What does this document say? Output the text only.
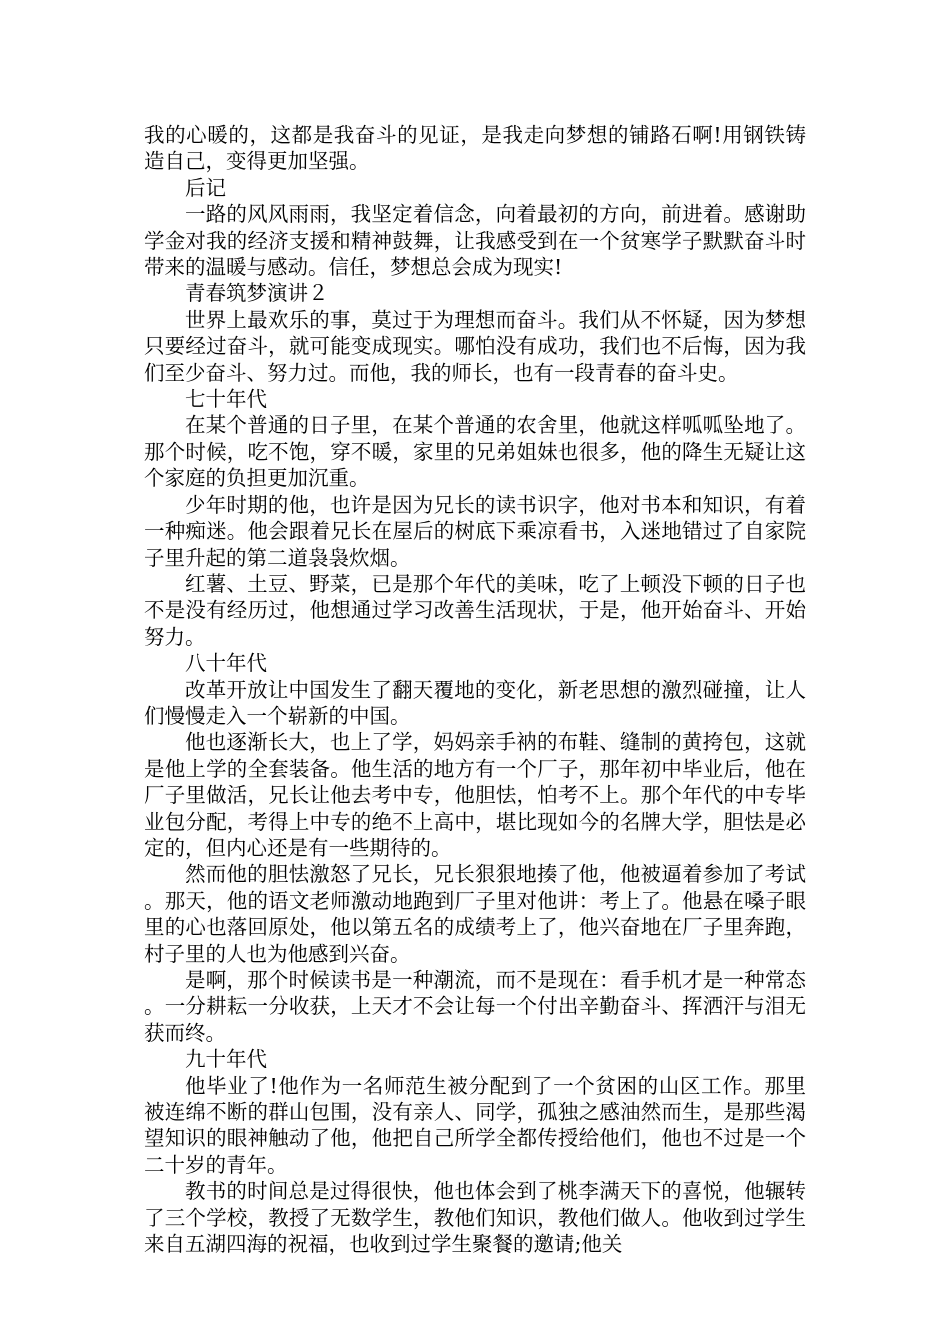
我的心暖的，这都是我奋斗的见证，是我走向梦想的铺路石啊!用钢铁铸造自己，变得更加坚强。

后记

一路的风风雨雨，我坚定着信念，向着最初的方向，前进着。感谢助学金对我的经济支援和精神鼓舞，让我感受到在一个贫寒学子默默奋斗时带来的温暖与感动。信任，梦想总会成为现实!

青春筑梦演讲２

世界上最欢乐的事，莫过于为理想而奋斗。我们从不怀疑，因为梦想只要经过奋斗，就可能变成现实。哪怕没有成功，我们也不后悔，因为我们至少奋斗、努力过。而他，我的师长，也有一段青春的奋斗史。

七十年代

在某个普通的日子里，在某个普通的农舍里，他就这样呱呱坠地了。那个时候，吃不饱，穿不暖，家里的兄弟姐妹也很多，他的降生无疑让这个家庭的负担更加沉重。

少年时期的他，也许是因为兄长的读书识字，他对书本和知识，有着一种痴迷。他会跟着兄长在屋后的树底下乘凉看书，入迷地错过了自家院子里升起的第二道袅袅炊烟。

红薯、土豆、野菜，已是那个年代的美味，吃了上顿没下顿的日子也不是没有经历过，他想通过学习改善生活现状，于是，他开始奋斗、开始努力。

八十年代

改革开放让中国发生了翻天覆地的变化，新老思想的激烈碰撞，让人们慢慢走入一个崭新的中国。

他也逐渐长大，也上了学，妈妈亲手衲的布鞋、缝制的黄挎包，这就是他上学的全套装备。他生活的地方有一个厂子，那年初中毕业后，他在厂子里做活，兄长让他去考中专，他胆怯，怕考不上。那个年代的中专毕业包分配，考得上中专的绝不上高中，堪比现如今的名牌大学，胆怯是必定的，但内心还是有一些期待的。

然而他的胆怯激怒了兄长，兄长狠狠地揍了他，他被逼着参加了考试。那天，他的语文老师激动地跑到厂子里对他讲：考上了。他悬在嗓子眼里的心也落回原处，他以第五名的成绩考上了，他兴奋地在厂子里奔跑，村子里的人也为他感到兴奋。

是啊，那个时候读书是一种潮流，而不是现在：看手机才是一种常态。一分耕耘一分收获，上天才不会让每一个付出辛勤奋斗、挥洒汗与泪无获而终。

九十年代

他毕业了!他作为一名师范生被分配到了一个贫困的山区工作。那里被连绵不断的群山包围，没有亲人、同学，孤独之感油然而生，是那些渴望知识的眼神触动了他，他把自己所学全都传授给他们，他也不过是一个二十岁的青年。

教书的时间总是过得很快，他也体会到了桃李满天下的喜悦，他辗转了三个学校，教授了无数学生，教他们知识，教他们做人。他收到过学生来自五湖四海的祝福，也收到过学生聚餐的邀请;他关
